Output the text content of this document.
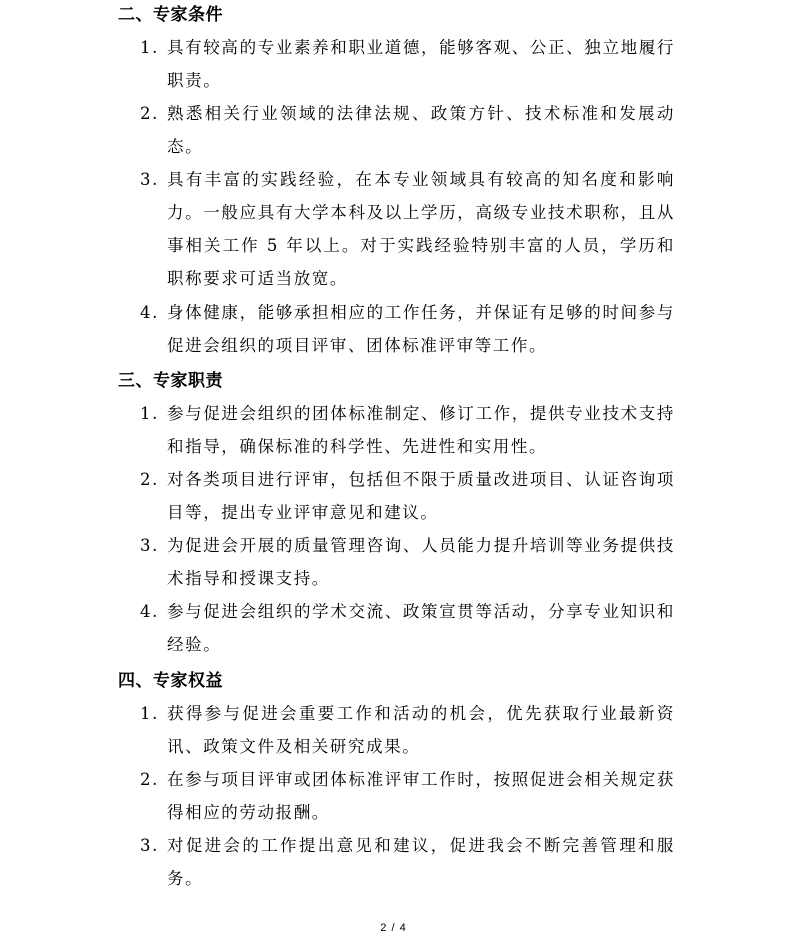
二、专家条件
1. 具有较高的专业素养和职业道德，能够客观、公正、独立地履行职责。
2. 熟悉相关行业领域的法律法规、政策方针、技术标准和发展动态。
3. 具有丰富的实践经验，在本专业领域具有较高的知名度和影响力。一般应具有大学本科及以上学历，高级专业技术职称，且从事相关工作 5 年以上。对于实践经验特别丰富的人员，学历和职称要求可适当放宽。
4. 身体健康，能够承担相应的工作任务，并保证有足够的时间参与促进会组织的项目评审、团体标准评审等工作。
三、专家职责
1. 参与促进会组织的团体标准制定、修订工作，提供专业技术支持和指导，确保标准的科学性、先进性和实用性。
2. 对各类项目进行评审，包括但不限于质量改进项目、认证咨询项目等，提出专业评审意见和建议。
3. 为促进会开展的质量管理咨询、人员能力提升培训等业务提供技术指导和授课支持。
4. 参与促进会组织的学术交流、政策宣贯等活动，分享专业知识和经验。
四、专家权益
1. 获得参与促进会重要工作和活动的机会，优先获取行业最新资讯、政策文件及相关研究成果。
2. 在参与项目评审或团体标准评审工作时，按照促进会相关规定获得相应的劳动报酬。
3. 对促进会的工作提出意见和建议，促进我会不断完善管理和服务。
2 / 4
